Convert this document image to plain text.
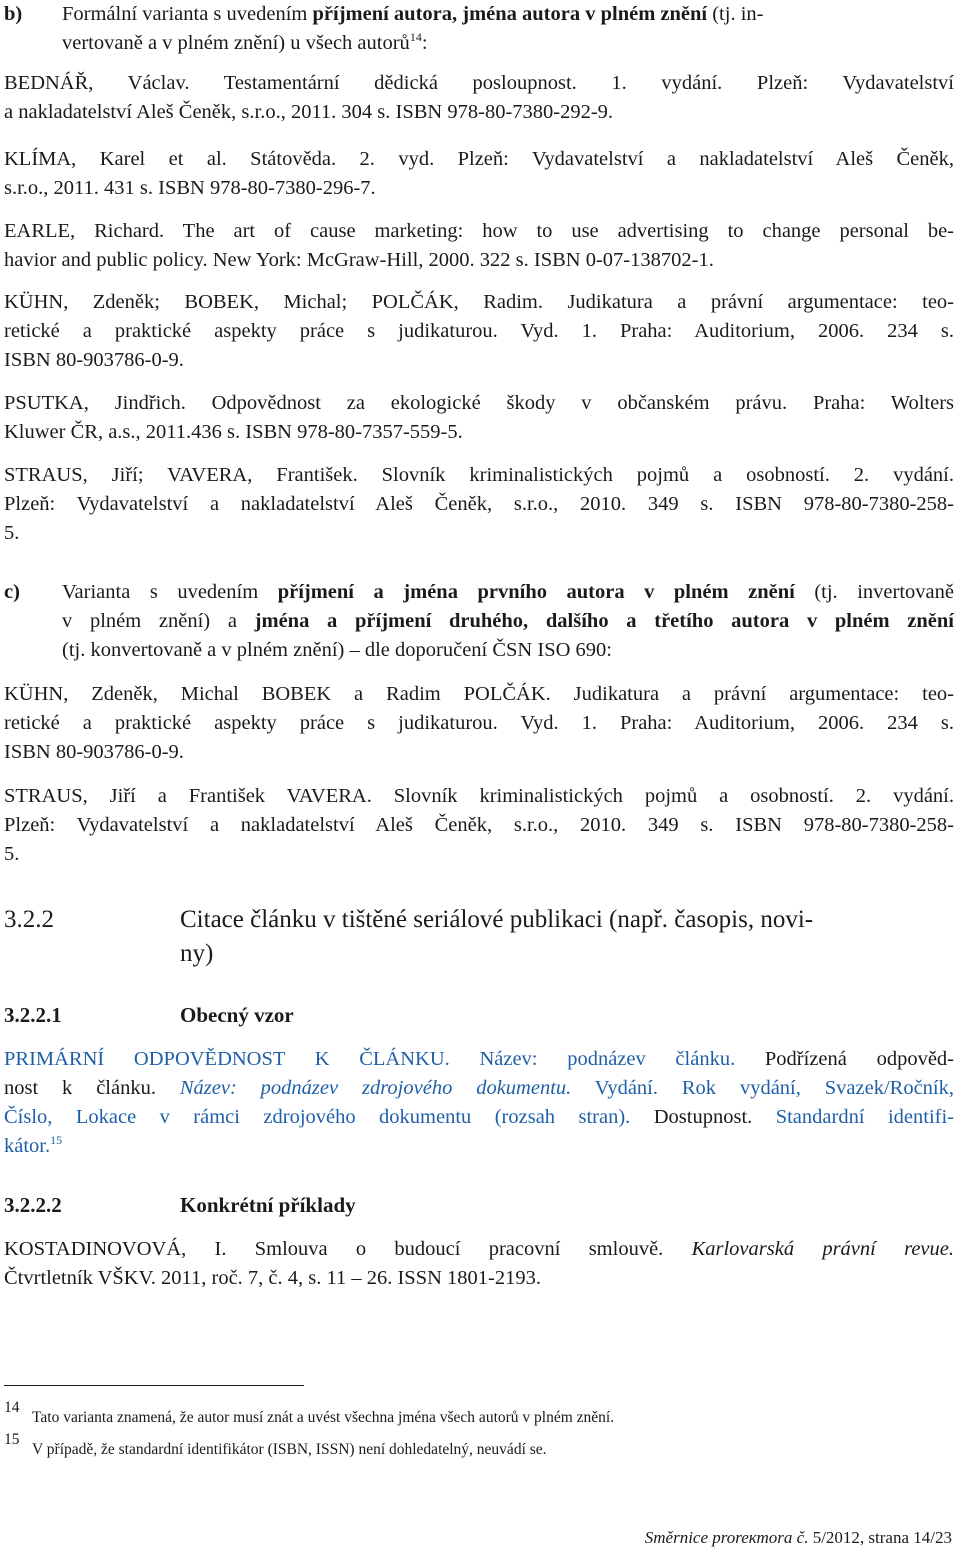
b) Formální varianta s uvedením příjmení autora, jména autora v plném znění (tj. in-
vertovaně a v plném znění) u všech autorů$^{14}$:
BEDNÁŘ, Václav. Testamentární dědická posloupnost. 1. vydání. Plzeň: Vydavatelství
a nakladatelství Aleš Čeněk, s.r.o., 2011. 304 s. ISBN 978-80-7380-292-9.
KLÍMA, Karel et al. Státověda. 2. vyd. Plzeň: Vydavatelství a nakladatelství Aleš Čeněk,
s.r.o., 2011. 431 s. ISBN 978-80-7380-296-7.
EARLE, Richard. The art of cause marketing: how to use advertising to change personal be-
havior and public policy. New York: McGraw-Hill, 2000. 322 s. ISBN 0-07-138702-1.
KÜHN, Zdeněk; BOBEK, Michal; POLČÁK, Radim. Judikatura a právní argumentace: teo-
retické a praktické aspekty práce s judikaturou. Vyd. 1. Praha: Auditorium, 2006. 234 s.
ISBN 80-903786-0-9.
PSUTKA, Jindřich. Odpovědnost za ekologické škody v občanském právu. Praha: Wolters
Kluwer ČR, a.s., 2011.436 s. ISBN 978-80-7357-559-5.
STRAUS, Jiří; VAVERA, František. Slovník kriminalistických pojmů a osobností. 2. vydání.
Plzeň: Vydavatelství a nakladatelství Aleš Čeněk, s.r.o., 2010. 349 s. ISBN 978-80-7380-258-
5.
c) Varianta s uvedením příjmení a jména prvního autora v plném znění (tj. invertovaně
v plném znění) a jména a příjmení druhého, dalšího a třetího autora v plném znění
(tj. konvertovaně a v plném znění) – dle doporučení ČSN ISO 690:
KÜHN, Zdeněk, Michal BOBEK a Radim POLČÁK. Judikatura a právní argumentace: teo-
retické a praktické aspekty práce s judikaturou. Vyd. 1. Praha: Auditorium, 2006. 234 s.
ISBN 80-903786-0-9.
STRAUS, Jiří a František VAVERA. Slovník kriminalistických pojmů a osobností. 2. vydání.
Plzeň: Vydavatelství a nakladatelství Aleš Čeněk, s.r.o., 2010. 349 s. ISBN 978-80-7380-258-
5.
3.2.2	Citace článku v tištěné seriálové publikaci (např. časopis, novi-
ny)
3.2.2.1	Obecný vzor
PRIMÁRNÍ ODPOVĚDNOST K ČLÁNKU. Název: podnázev článku. Podřízená odpověd-
nost k článku. Název: podnázev zdrojového dokumentu. Vydání. Rok vydání, Svazek/Ročník,
Číslo, Lokace v rámci zdrojového dokumentu (rozsah stran). Dostupnost. Standardní identifi-
kátor.$^{15}$
3.2.2.2	Konkrétní příklady
KOSTADINOVOVÁ, I. Smlouva o budoucí pracovní smlouvě. Karlovarská právní revue.
Čtvrtletník VŠKV. 2011, roč. 7, č. 4, s. 11 – 26. ISSN 1801-2193.
14
Tato varianta znamená, že autor musí znát a uvést všechna jména všech autorů v plném znění.
15
V případě, že standardní identifikátor (ISBN, ISSN) není dohledatelný, neuvádí se.
Směrnice proreктora č. 5/2012, strana 14/23
